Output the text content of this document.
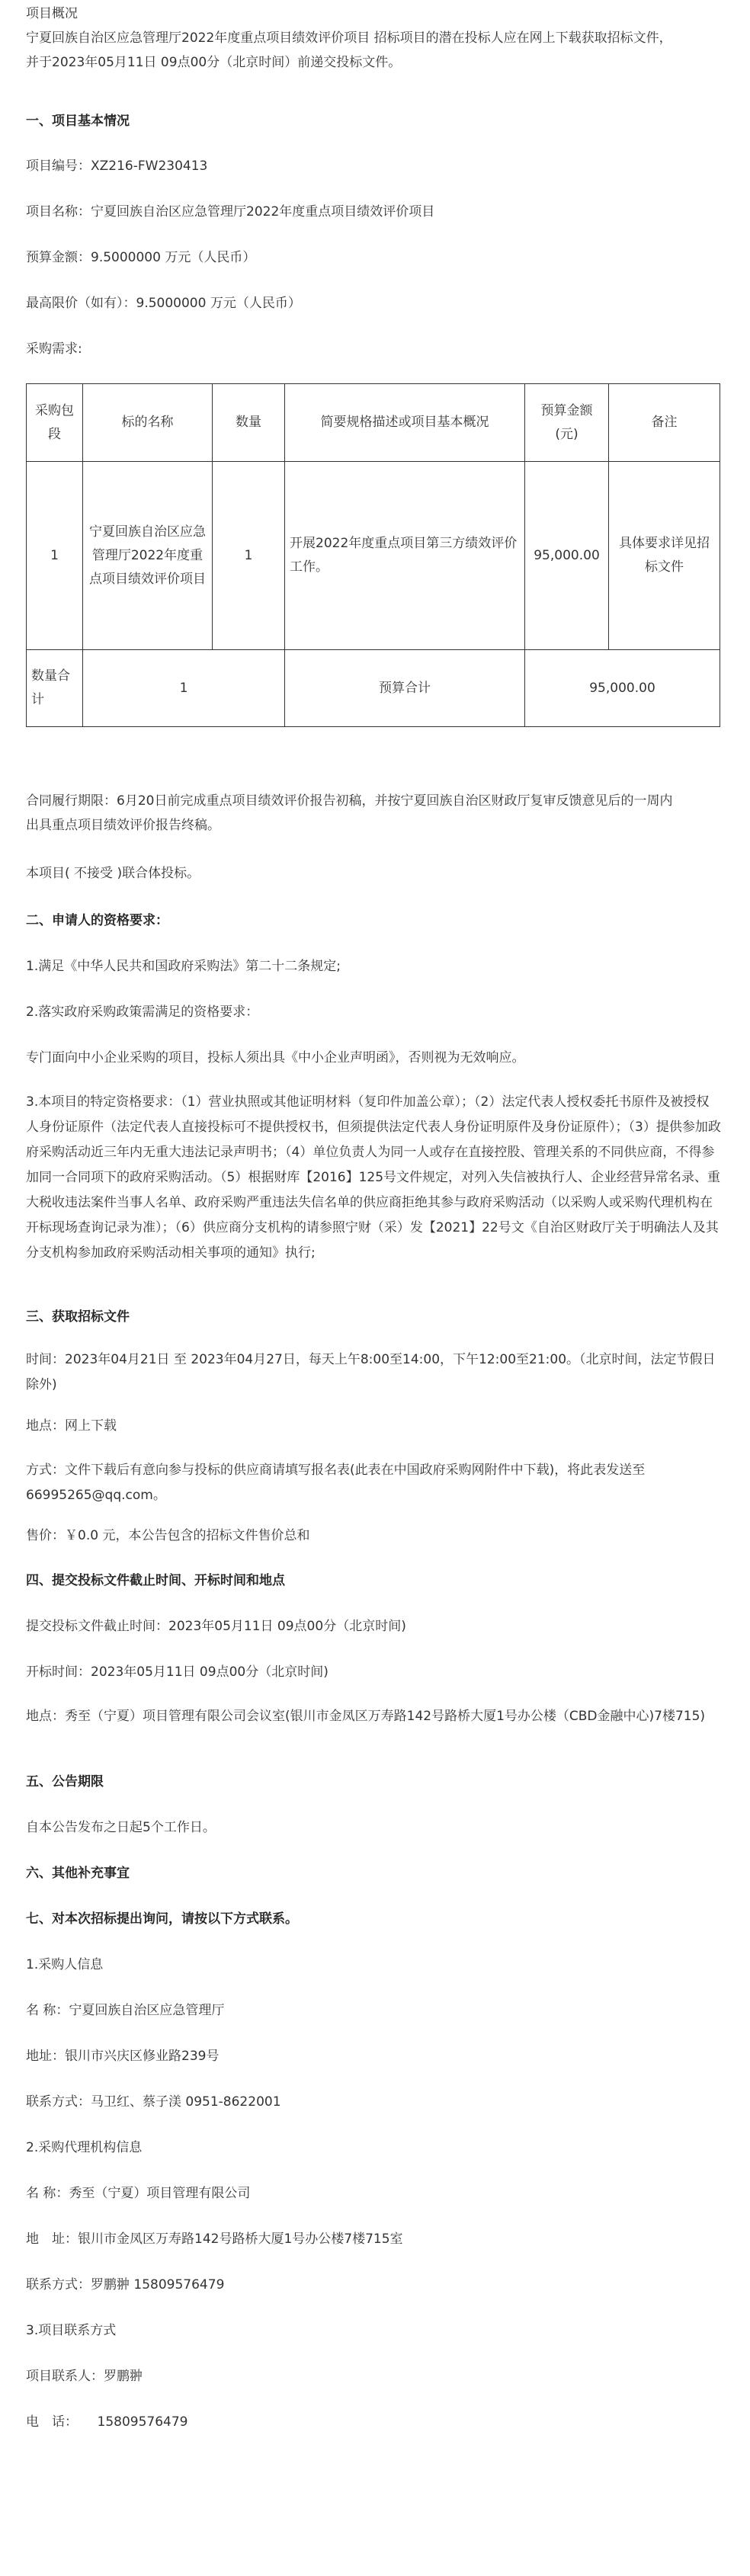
项目概况
宁夏回族自治区应急管理厅2022年度重点项目绩效评价项目 招标项目的潜在投标人应在网上下载获取招标文件，
并于2023年05月11日 09点00分（北京时间）前递交投标文件。
一、项目基本情况
项目编号：XZ216-FW230413
项目名称：宁夏回族自治区应急管理厅2022年度重点项目绩效评价项目
预算金额：9.5000000 万元（人民币）
最高限价（如有）：9.5000000 万元（人民币）
采购需求:
采购包段	标的名称	数量	简要规格描述或项目基本概况	预算金额(元)	备注
1	宁夏回族自治区应急管理厅2022年度重点项目绩效评价项目	1	开展2022年度重点项目第三方绩效评价工作。	95,000.00	具体要求详见招标文件
数量合计	1		预算合计	95,000.00	
合同履行期限：6月20日前完成重点项目绩效评价报告初稿，并按宁夏回族自治区财政厅复审反馈意见后的一周内
出具重点项目绩效评价报告终稿。
本项目( 不接受 )联合体投标。
二、申请人的资格要求：
1.满足《中华人民共和国政府采购法》第二十二条规定;
2.落实政府采购政策需满足的资格要求：
专门面向中小企业采购的项目，投标人须出具《中小企业声明函》，否则视为无效响应。
3.本项目的特定资格要求：（1）营业执照或其他证明材料（复印件加盖公章）；（2）法定代表人授权委托书原件及被授权人身份证原件（法定代表人直接投标可不提供授权书，但须提供法定代表人身份证明原件及身份证原件）；（3）提供参加政府采购活动近三年内无重大违法记录声明书；（4）单位负责人为同一人或存在直接控股、管理关系的不同供应商，不得参加同一合同项下的政府采购活动。（5）根据财库【2016】125号文件规定，对列入失信被执行人、企业经营异常名录、重大税收违法案件当事人名单、政府采购严重违法失信名单的供应商拒绝其参与政府采购活动（以采购人或采购代理机构在开标现场查询记录为准）；（6）供应商分支机构的请参照宁财（采）发【2021】22号文《自治区财政厅关于明确法人及其分支机构参加政府采购活动相关事项的通知》执行;
三、获取招标文件
时间：2023年04月21日 至 2023年04月27日，每天上午8:00至14:00，下午12:00至21:00。（北京时间，法定节假日除外)
地点：网上下载
方式：文件下载后有意向参与投标的供应商请填写报名表(此表在中国政府采购网附件中下载)，将此表发送至66995265@qq.com。
售价：￥0.0 元，本公告包含的招标文件售价总和
四、提交投标文件截止时间、开标时间和地点
提交投标文件截止时间：2023年05月11日 09点00分（北京时间)
开标时间：2023年05月11日 09点00分（北京时间)
地点：秀至（宁夏）项目管理有限公司会议室(银川市金凤区万寿路142号路桥大厦1号办公楼（CBD金融中心)7楼715)
五、公告期限
自本公告发布之日起5个工作日。
六、其他补充事宜
七、对本次招标提出询问，请按以下方式联系。
1.采购人信息
名 称：宁夏回族自治区应急管理厅
地址：银川市兴庆区修业路239号
联系方式：马卫红、蔡子渼 0951-8622001
2.采购代理机构信息
名 称：秀至（宁夏）项目管理有限公司
地　址：银川市金凤区万寿路142号路桥大厦1号办公楼7楼715室
联系方式：罗鹏翀 15809576479
3.项目联系方式
项目联系人：罗鹏翀
电　话：　　15809576479
